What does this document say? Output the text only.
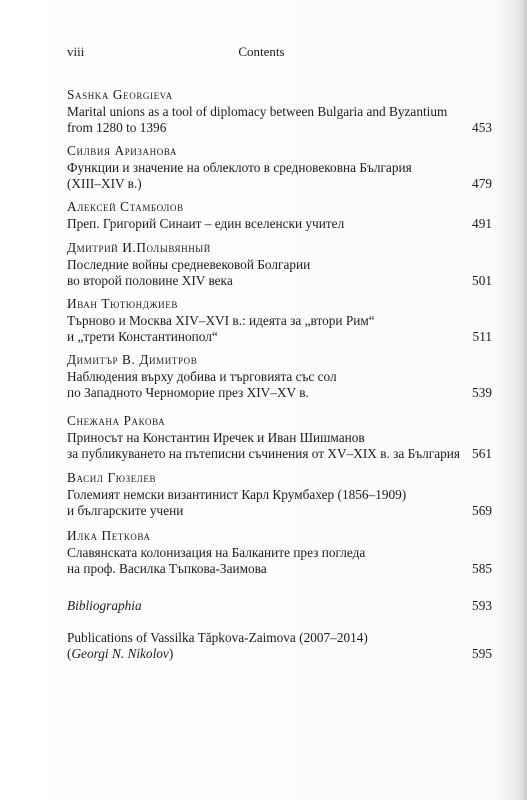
viii	Contents
Sashka Georgieva
Marital unions as a tool of diplomacy between Bulgaria and Byzantium
from 1280 to 1396	453
Силвия Аризанова
Функции и значение на облеклото в средновековна България
(XIII–XIV в.)	479
Алексей Стамболов
Преп. Григорий Синаит – един вселенски учител	491
Дмитрий И.Полывянный
Последние войны средневековой Болгарии
во второй половине XIV века	501
Иван Тютюнджиев
Търново и Москва XIV–XVI в.: идеята за „втори Рим“
и „трети Константинопол“	511
Димитър В. Димитров
Наблюдения върху добива и търговията със сол
по Западното Черноморие през XIV–XV в.	539
Снежана Ракова
Приносът на Константин Иречек и Иван Шишманов
за публикуването на пътеписни съчинения от XV–XIX в. за България 561
Васил Гюзелев
Големият немски византинист Карл Крумбахер (1856–1909)
и българските учени	569
Илка Петкова
Славянската колонизация на Балканите през погледа
на проф. Василка Тъпкова-Заимова	585
Bibliographia	593
Publications of Vassilka Tăpkova-Zaimova (2007–2014)
(Georgi N. Nikolov)	595
